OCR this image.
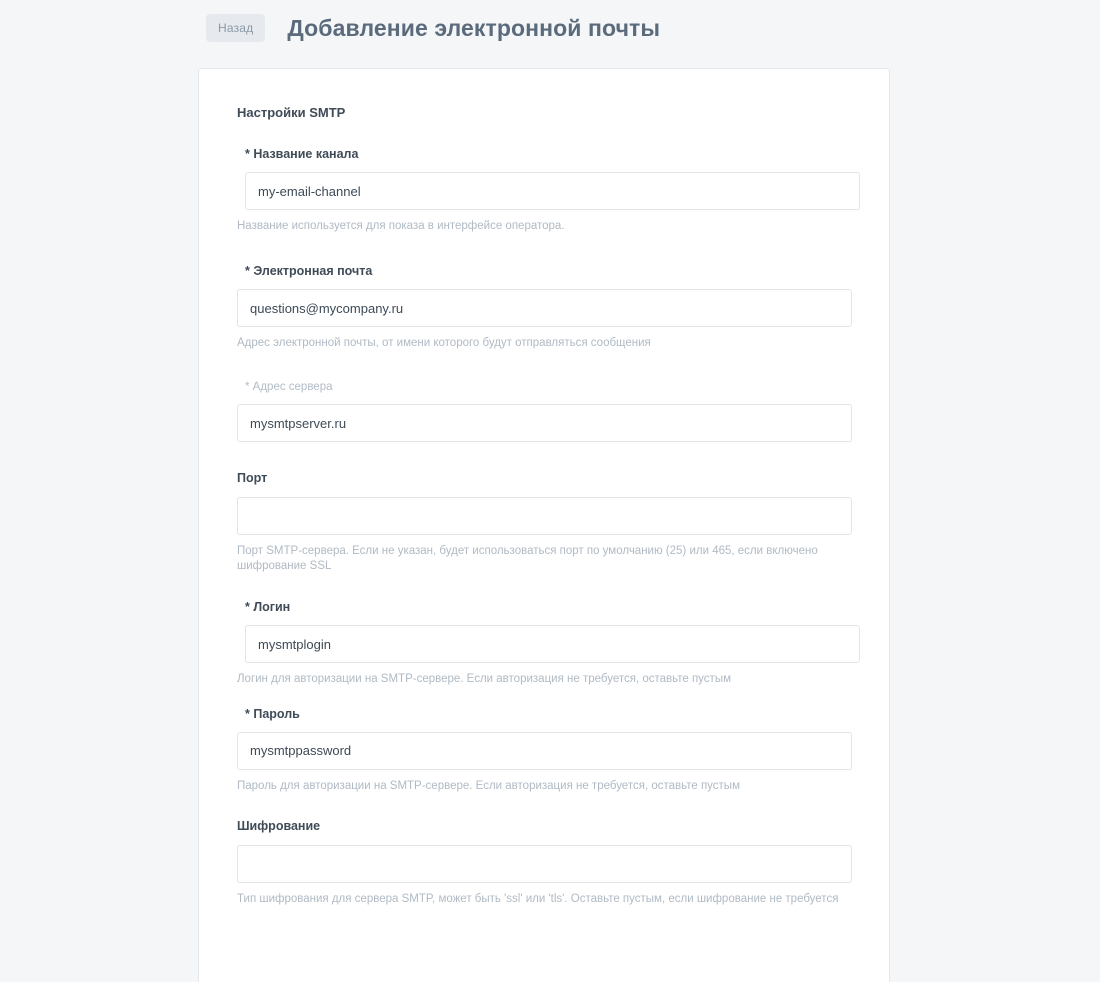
Назад	Добавление электронной почты
Настройки SMTP
* Название канала
my-email-channel

Название используется для показа в интерфейсе оператора.

* Электронная почта
questions@mycompany.ru

Адрес электронной почты, от имени которого будут отправляться сообщения

* Адрес сервера
mysmtpserver.ru
Порт

Порт SMTP-сервера. Если не указан, будет использоваться порт по умолчанию (25) или 465, если включено шифрование SSL

* Логин
mysmtplogin

Логин для авторизации на SMTP-сервере. Если авторизация не требуется, оставьте пустым

* Пароль
mysmtppassword

Пароль для авторизации на SMTP-сервере. Если авторизация не требуется, оставьте пустым

Шифрование

Тип шифрования для сервера SMTP, может быть 'ssl' или 'tls'. Оставьте пустым, если шифрование не требуется
